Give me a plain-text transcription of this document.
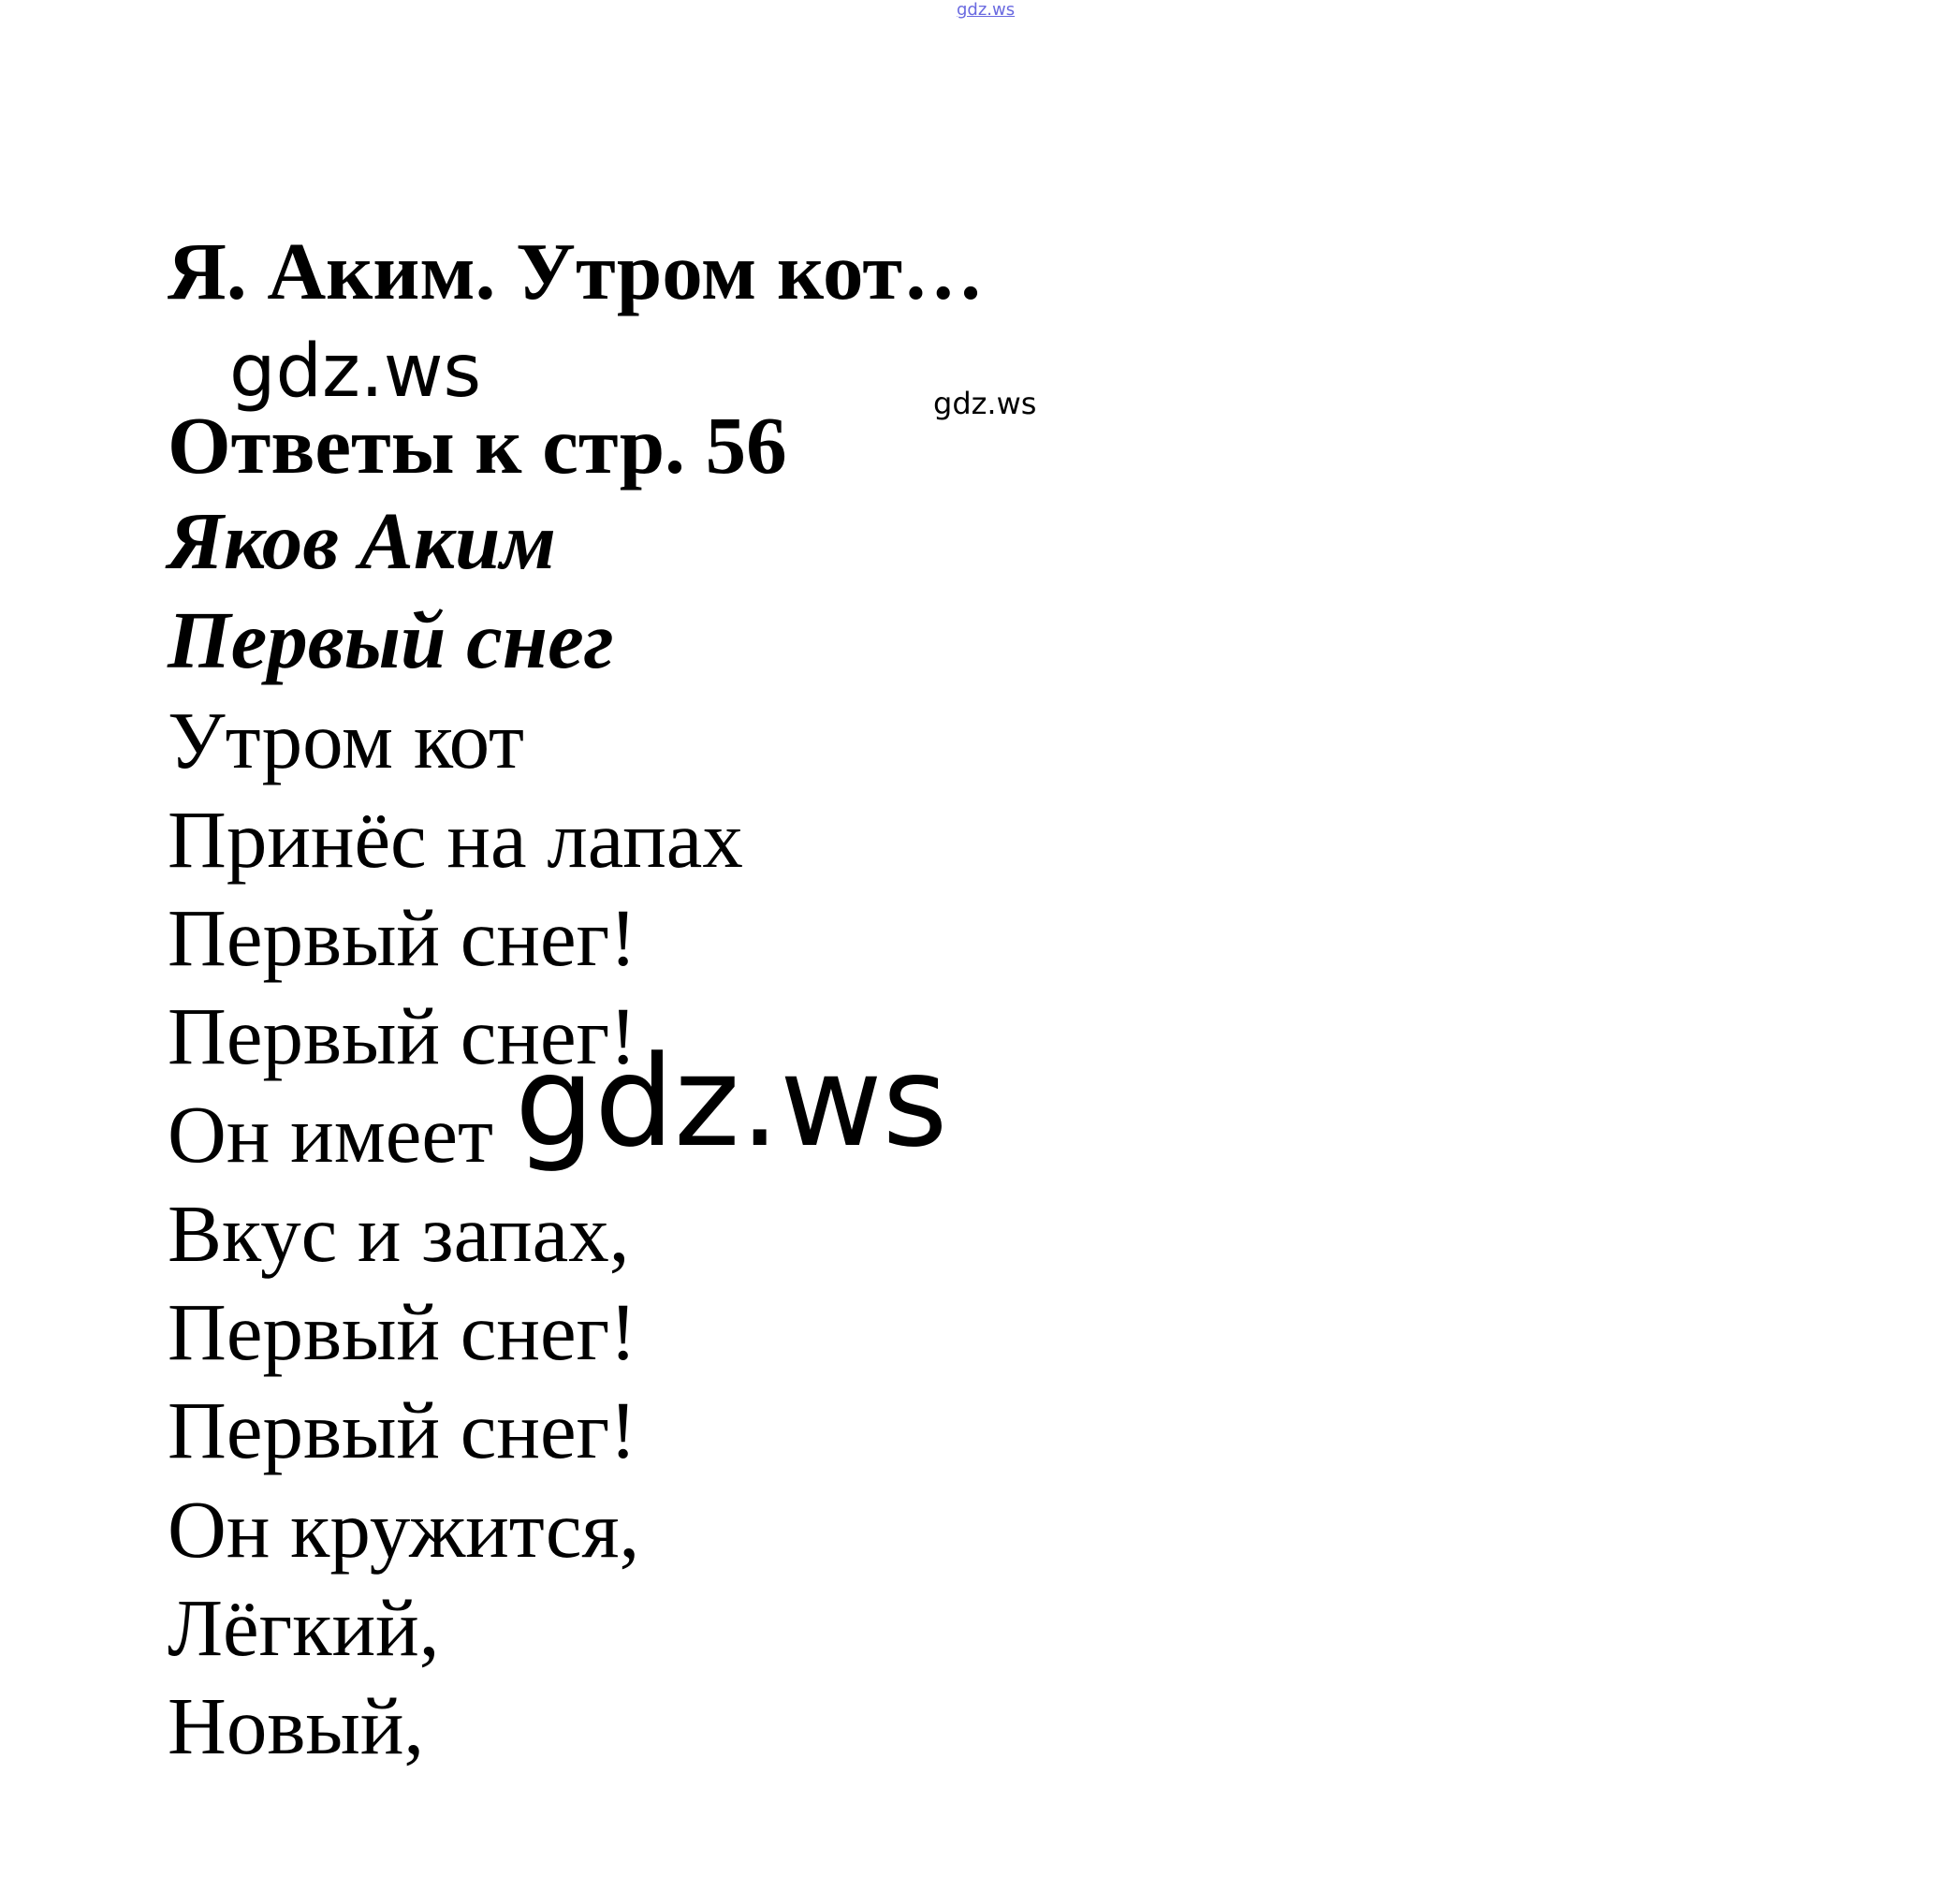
gdz.ws

Я. Аким. Утром кот…

gdz.ws	gdz.ws

Ответы к стр. 56

Яков Аким

Первый снег

Утром кот

Принёс на лапах

Первый снег!

Первый снег!

Он имеет

Вкус и запах,

Первый снег!

Первый снег!

Он кружится,

Лёгкий,

Новый,

gdz.ws
